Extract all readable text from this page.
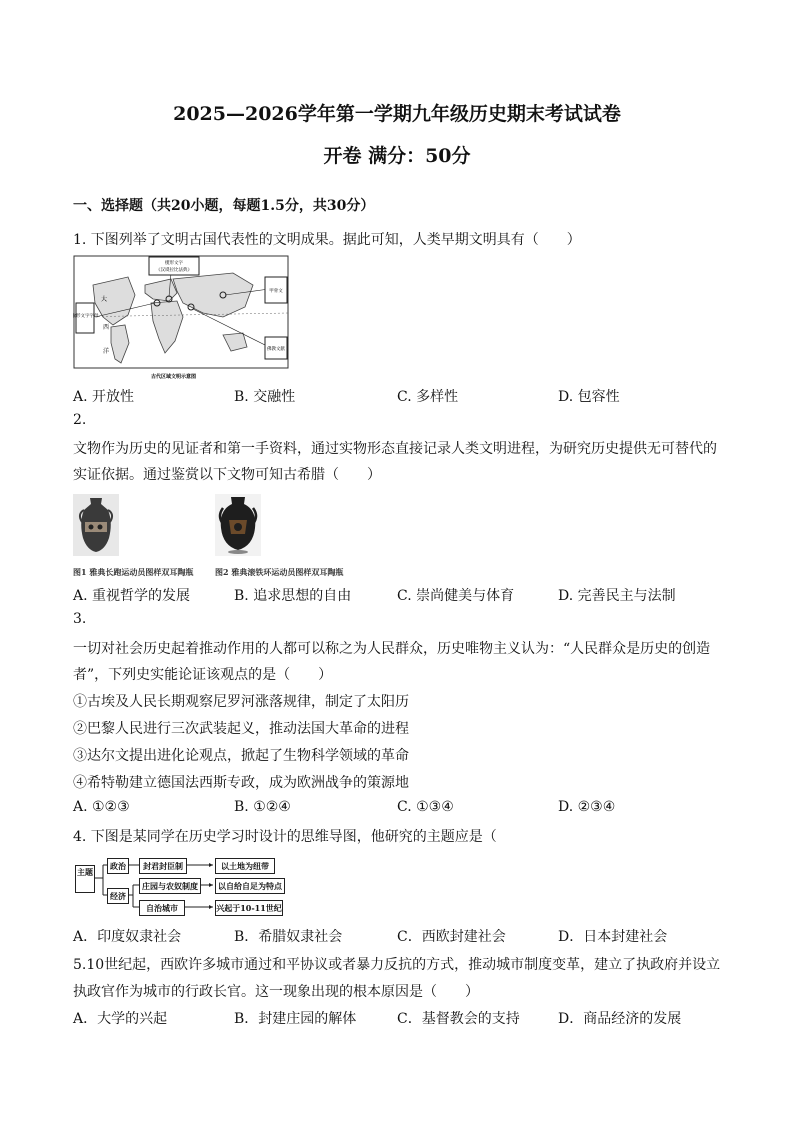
2025—2026学年第一学期九年级历史期末考试试卷
开卷 满分：50分
一、选择题（共20小题，每题1.5分，共30分）
1. 下图列举了文明古国代表性的文明成果。据此可知，人类早期文明具有（　　）
楔形文字
《汉谟拉比法典》
象形文字字母
甲骨文
佛教文献
大
西
洋
古代区域文明示意图
A. 开放性	B. 交融性	C. 多样性	D. 包容性
2.
文物作为历史的见证者和第一手资料，通过实物形态直接记录人类文明进程，为研究历史提供无可替代的
实证依据。通过鉴赏以下文物可知古希腊（　　）
图1 雅典长跑运动员图样双耳陶瓶	图2 雅典滚铁环运动员图样双耳陶瓶
A. 重视哲学的发展	B. 追求思想的自由	C. 崇尚健美与体育	D. 完善民主与法制
3.
一切对社会历史起着推动作用的人都可以称之为人民群众，历史唯物主义认为：“人民群众是历史的创造
者”，下列史实能论证该观点的是（　　）
①古埃及人民长期观察尼罗河涨落规律，制定了太阳历
②巴黎人民进行三次武装起义，推动法国大革命的进程
③达尔文提出进化论观点，掀起了生物科学领域的革命
④希特勒建立德国法西斯专政，成为欧洲战争的策源地
A. ①②③	B. ①②④	C. ①③④	D. ②③④
4. 下图是某同学在历史学习时设计的思维导图，他研究的主题应是（
主题
政治
经济
封君封臣制
庄园与农奴制度
自治城市
以土地为纽带
以自给自足为特点
兴起于10-11世纪
A．印度奴隶社会	B．希腊奴隶社会	C．西欧封建社会	D．日本封建社会
5.10世纪起，西欧许多城市通过和平协议或者暴力反抗的方式，推动城市制度变革，建立了执政府并设立
执政官作为城市的行政长官。这一现象出现的根本原因是（　　）
A．大学的兴起	B．封建庄园的解体	C．基督教会的支持	D．商品经济的发展
